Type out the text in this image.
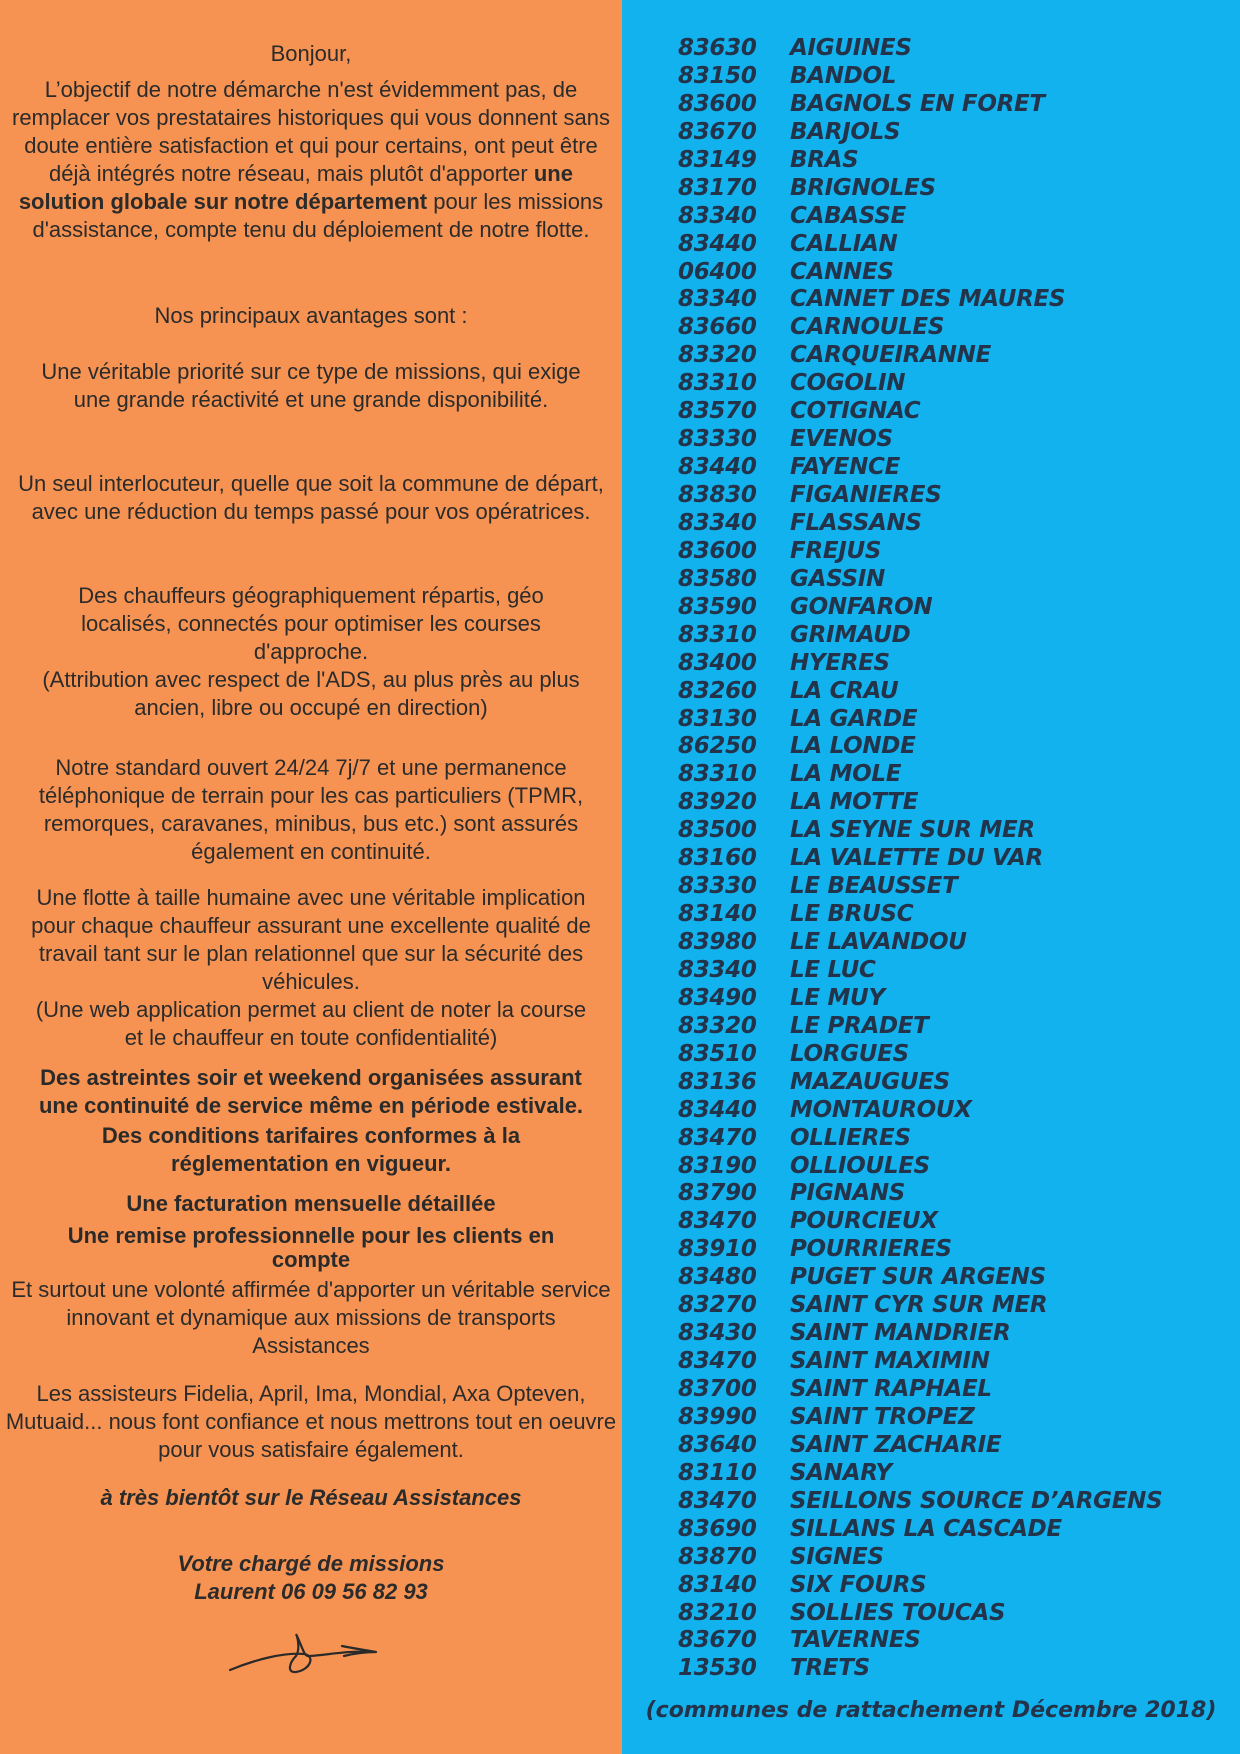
Bonjour,

L’objectif de notre démarche n'est évidemment pas, de remplacer vos prestataires historiques qui vous donnent sans doute entière satisfaction et qui pour certains, ont peut être déjà intégrés notre réseau, mais plutôt d'apporter une solution globale sur notre département pour les missions d'assistance, compte tenu du déploiement de notre flotte.

Nos principaux avantages sont :

Une véritable priorité sur ce type de missions, qui exige une grande réactivité et une grande disponibilité.

Un seul interlocuteur, quelle que soit la commune de départ, avec une réduction du temps passé pour vos opératrices.

Des chauffeurs géographiquement répartis, géo localisés, connectés pour optimiser les courses d'approche.

(Attribution avec respect de l'ADS, au plus près au plus ancien, libre ou occupé en direction)

Notre standard ouvert 24/24 7j/7 et une permanence téléphonique de terrain pour les cas particuliers (TPMR, remorques, caravanes, minibus, bus etc.) sont assurés également en continuité.

Une flotte à taille humaine avec une véritable implication pour chaque chauffeur assurant une excellente qualité de travail tant sur le plan relationnel que sur la sécurité des véhicules.

(Une web application permet au client de noter la course et le chauffeur en toute confidentialité)

Des astreintes soir et weekend organisées assurant une continuité de service même en période estivale.

Des conditions tarifaires conformes à la réglementation en vigueur.

Une facturation mensuelle détaillée

Une remise professionnelle pour les clients en compte

Et surtout une volonté affirmée d'apporter un véritable service innovant et dynamique aux missions de transports Assistances

Les assisteurs Fidelia, April, Ima, Mondial, Axa Opteven, Mutuaid... nous font confiance et nous mettrons tout en oeuvre pour vous satisfaire également.

à très bientôt sur le Réseau Assistances

Votre chargé de missions

Laurent 06 09 56 82 93

83630 AIGUINES
83150 BANDOL
83600 BAGNOLS EN FORET
83670 BARJOLS
83149 BRAS
83170 BRIGNOLES
83340 CABASSE
83440 CALLIAN
06400 CANNES
83340 CANNET DES MAURES
83660 CARNOULES
83320 CARQUEIRANNE
83310 COGOLIN
83570 COTIGNAC
83330 EVENOS
83440 FAYENCE
83830 FIGANIERES
83340 FLASSANS
83600 FREJUS
83580 GASSIN
83590 GONFARON
83310 GRIMAUD
83400 HYERES
83260 LA CRAU
83130 LA GARDE
86250 LA LONDE
83310 LA MOLE
83920 LA MOTTE
83500 LA SEYNE SUR MER
83160 LA VALETTE DU VAR
83330 LE BEAUSSET
83140 LE BRUSC
83980 LE LAVANDOU
83340 LE LUC
83490 LE MUY
83320 LE PRADET
83510 LORGUES
83136 MAZAUGUES
83440 MONTAUROUX
83470 OLLIERES
83190 OLLIOULES
83790 PIGNANS
83470 POURCIEUX
83910 POURRIERES
83480 PUGET SUR ARGENS
83270 SAINT CYR SUR MER
83430 SAINT MANDRIER
83470 SAINT MAXIMIN
83700 SAINT RAPHAEL
83990 SAINT TROPEZ
83640 SAINT ZACHARIE
83110 SANARY
83470 SEILLONS SOURCE D’ARGENS
83690 SILLANS LA CASCADE
83870 SIGNES
83140 SIX FOURS
83210 SOLLIES TOUCAS
83670 TAVERNES
13530 TRETS
(communes de rattachement Décembre 2018)
